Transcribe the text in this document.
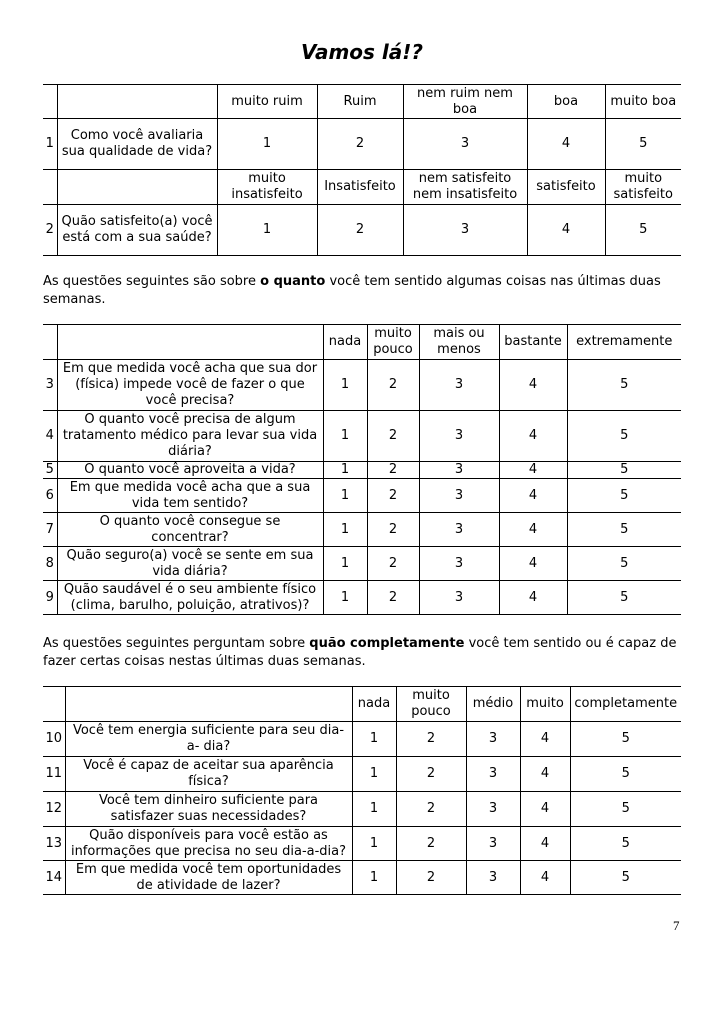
Vamos lá!?
		muito ruim	Ruim	nem ruim nem boa	boa	muito boa
1	Como você avaliaria sua qualidade de vida?	1	2	3	4	5
		muito insatisfeito	Insatisfeito	nem satisfeito nem insatisfeito	satisfeito	muito satisfeito
2	Quão satisfeito(a) você está com a sua saúde?	1	2	3	4	5
As questões seguintes são sobre o quanto você tem sentido algumas coisas nas últimas duas semanas.
		nada	muito pouco	mais ou menos	bastante	extremamente
3	Em que medida você acha que sua dor (física) impede você de fazer o que você precisa?	1	2	3	4	5
4	O quanto você precisa de algum tratamento médico para levar sua vida diária?	1	2	3	4	5
5	O quanto você aproveita a vida?	1	2	3	4	5
6	Em que medida você acha que a sua vida tem sentido?	1	2	3	4	5
7	O quanto você consegue se concentrar?	1	2	3	4	5
8	Quão seguro(a) você se sente em sua vida diária?	1	2	3	4	5
9	Quão saudável é o seu ambiente físico (clima, barulho, poluição, atrativos)?	1	2	3	4	5
As questões seguintes perguntam sobre quão completamente você tem sentido ou é capaz de fazer certas coisas nestas últimas duas semanas.
		nada	muito pouco	médio	muito	completamente
10	Você tem energia suficiente para seu dia-a- dia?	1	2	3	4	5
11	Você é capaz de aceitar sua aparência física?	1	2	3	4	5
12	Você tem dinheiro suficiente para satisfazer suas necessidades?	1	2	3	4	5
13	Quão disponíveis para você estão as informações que precisa no seu dia-a-dia?	1	2	3	4	5
14	Em que medida você tem oportunidades de atividade de lazer?	1	2	3	4	5
7
